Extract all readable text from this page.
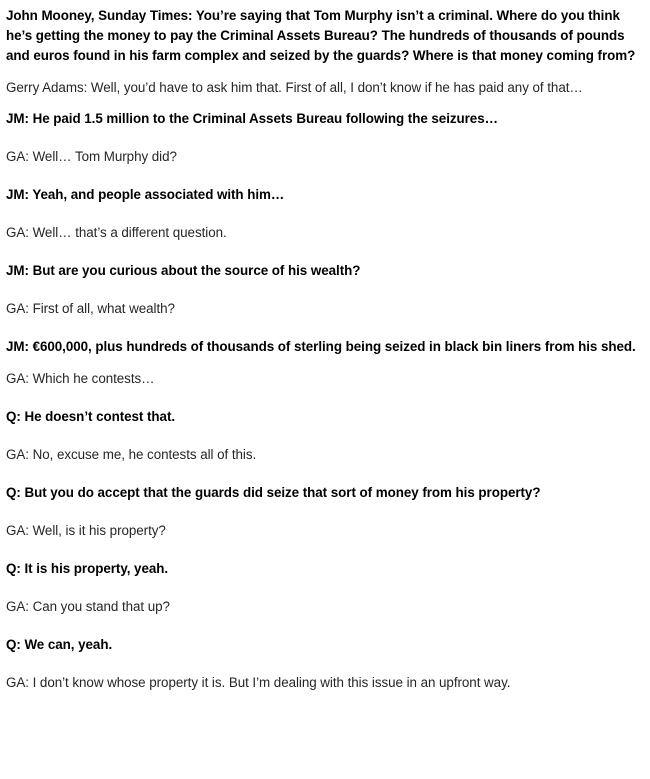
John Mooney, Sunday Times: You’re saying that Tom Murphy isn’t a criminal. Where do you think he’s getting the money to pay the Criminal Assets Bureau? The hundreds of thousands of pounds and euros found in his farm complex and seized by the guards? Where is that money coming from?

Gerry Adams: Well, you’d have to ask him that. First of all, I don’t know if he has paid any of that…

JM: He paid 1.5 million to the Criminal Assets Bureau following the seizures…

GA: Well… Tom Murphy did?

JM: Yeah, and people associated with him…

GA: Well… that’s a different question.

JM: But are you curious about the source of his wealth?

GA: First of all, what wealth?

JM: €600,000, plus hundreds of thousands of sterling being seized in black bin liners from his shed.

GA: Which he contests…

Q: He doesn’t contest that.

GA: No, excuse me, he contests all of this.

Q: But you do accept that the guards did seize that sort of money from his property?

GA: Well, is it his property?

Q: It is his property, yeah.

GA: Can you stand that up?

Q: We can, yeah.

GA: I don’t know whose property it is. But I’m dealing with this issue in an upfront way.
